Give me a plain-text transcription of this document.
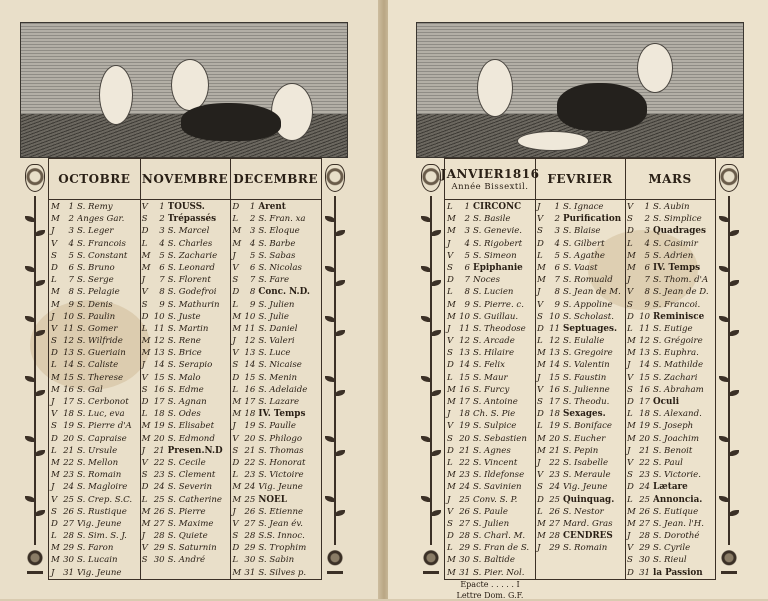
OCTOBRE
M	1 S. Remy
M	2 Anges Gar.
J	3 S. Leger
V	4 S. Francois
S	5 S. Constant
D	6 S. Bruno
L	7 S. Serge
M	8 S. Pelagie
M	9 S. Denis
J	10 S. Paulin
V 11 S. Gomer
S 12 S. Wilfride
D 13 S. Gueriain
L 14 S. Caliste
M 15 S. Therese
M 16 S. Gal
J	17 S. Cerbonot
V 18 S. Luc, eva
S 19 S. Pierre d'A
D 20 S. Capraise
L 21 S. Ursule
M 22 S. Mellon
M 23 S. Romain
J	24 S. Magloire
V 25 S. Crep. S.C.
S 26 S. Rustique
D 27 Vig. Jeune
L 28 S. Sim. S. J.
M 29 S. Faron
M 30 S. Lucain
J	31 Vig. Jeune
NOVEMBRE
V	1 TOUSS.
S	2 Trépassés
D	3 S. Marcel
L	4 S. Charles
M	5 S. Zacharie
M	6 S. Leonard
J	7 S. Florent
V	8 S. Godefroi
S	9 S. Mathurin
D 10 S. Juste
L 11 S. Martin
M 12 S. Rene
M 13 S. Brice
J	14 S. Serapio
V 15 S. Malo
S 16 S. Edme
D 17 S. Agnan
L 18 S. Odes
M 19 S. Elisabet
M 20 S. Edmond
J	21 Presen.N.D
V 22 S. Cecile
S 23 S. Clement
D 24 S. Severin
L 25 S. Catherine
M 26 S. Pierre
M 27 S. Maxime
J	28 S. Quiete
V 29 S. Saturnin
S 30 S. André
DECEMBRE
D	1 Arent
L	2 S. Fran. xa
M	3 S. Eloque
M	4 S. Barbe
J	5 S. Sabas
V	6 S. Nicolas
S	7 S. Fare
D	8 Conc. N.D.
L	9 S. Julien
M 10 S. Julie
M 11 S. Daniel
J	12 S. Valeri
V 13 S. Luce
S 14 S. Nicaise
D 15 S. Menin
L 16 S. Adelaide
M 17 S. Lazare
M 18 IV. Temps
J	19 S. Paulle
V 20 S. Philogo
S 21 S. Thomas
D 22 S. Honorat
L 23 S. Victoire
M 24 Vig. Jeune
M 25 NOEL
J	26 S. Etienne
V 27 S. Jean év.
S 28 S.S. Innoc.
D 29 S. Trophim
L 30 S. Sabin
M 31 S. Silves p.
JANVIER1816
Année Bissextil.
L	1 CIRCONC
M	2 S. Basile
M	3 S. Genevie.
J	4 S. Rigobert
V	5 S. Simeon
S	6 Epiphanie
D	7 Noces
L	8 S. Lucien
M	9 S. Pierre. c.
M 10 S. Guillau.
J	11 S. Theodose
V 12 S. Arcade
S 13 S. Hilaire
D 14 S. Felix
L 15 S. Maur
M 16 S. Furcy
M 17 S. Antoine
J	18 Ch. S. Pie
V 19 S. Sulpice
S 20 S. Sebastien
D 21 S. Agnes
L 22 S. Vincent
M 23 S. Ildefonse
M 24 S. Savinien
J	25 Conv. S. P.
V 26 S. Paule
S 27 S. Julien
D 28 S. Charl. M.
L 29 S. Fran de S.
M 30 S. Baltide
M 31 S. Pier. Nol.
Epacte . . . . . I
Lettre Dom. G.F.
FEVRIER
J	1 S. Ignace
V	2 Purification
S	3 S. Blaise
D	4 S. Gilbert
L	5 S. Agathe
M	6 S. Vaast
M	7 S. Romuald
J	8 S. Jean de M.
V	9 S. Appoline
S 10 S. Scholast.
D 11 Septuages.
L 12 S. Eulalie
M 13 S. Gregoire
M 14 S. Valentin
J	15 S. Faustin
V 16 S. Julienne
S 17 S. Theodu.
D 18 Sexages.
L 19 S. Boniface
M 20 S. Eucher
M 21 S. Pepin
J	22 S. Isabelle
V 23 S. Meraule
S 24 Vig. Jeune
D 25 Quinquag.
L 26 S. Nestor
M 27 Mard. Gras
M 28 CENDRES
J	29 S. Romain
MARS
V	1 S. Aubin
S	2 S. Simplice
D	3 Quadrages
L	4 S. Casimir
M	5 S. Adrien
M	6 IV. Temps
J	7 S. Thom. d'A
V	8 S. Jean de D.
S	9 S. Francoi.
D 10 Reminisce
L 11 S. Eutige
M 12 S. Grégoire
M 13 S. Euphra.
J	14 S. Mathilde
V 15 S. Zachari
S 16 S. Abraham
D 17 Oculi
L 18 S. Alexand.
M 19 S. Joseph
M 20 S. Joachim
J	21 S. Benoit
V 22 S. Paul
S 23 S. Victorie.
D 24 Lætare
L 25 Annoncia.
M 26 S. Eutique
M 27 S. Jean. l'H.
J	28 S. Dorothé
V 29 S. Cyrile
S 30 S. Rieul
D 31 la Passion
